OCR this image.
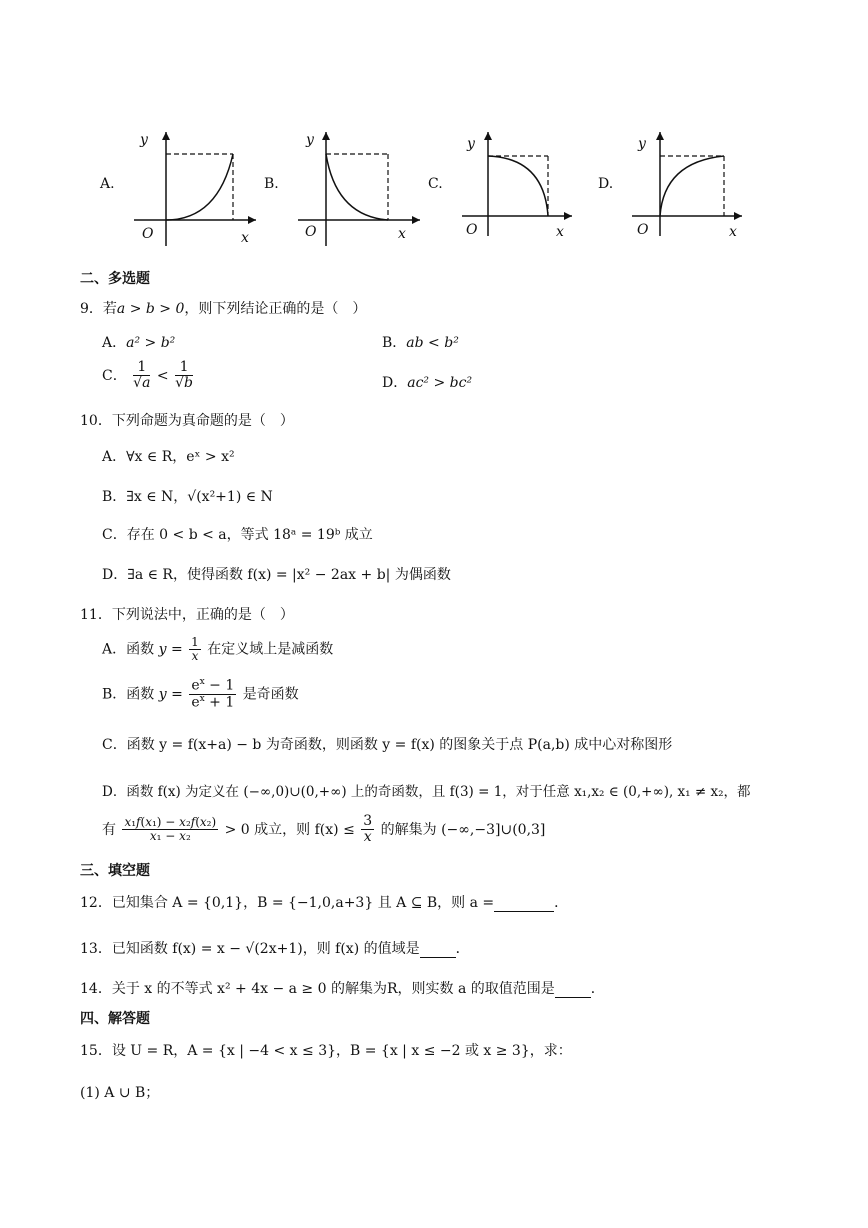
A.
y
O	x
B.
y
O	x
C.
y
O	x
D.
y
O	x
二、多选题
9．若a > b > 0，则下列结论正确的是（　）
A．a² > b²	B．ab < b²
C． $\frac{1}{√a} < \frac{1}{√b}$	D．ac² > bc²
10．下列命题为真命题的是（　）
A．∀x ∈ R，eˣ > x²
B．∃x ∈ N，√(x²+1) ∈ N
C．存在 0 < b < a，等式 18ᵃ = 19ᵇ 成立
D．∃a ∈ R，使得函数 f(x) = |x² − 2ax + b| 为偶函数
11．下列说法中，正确的是（　）
A．函数 $y = \frac{1}{x}$ 在定义域上是减函数
B．函数 $y = \frac{e^x - 1}{e^x + 1}$ 是奇函数
C．函数 y = f(x+a) − b 为奇函数，则函数 y = f(x) 的图象关于点 P(a,b) 成中心对称图形
D．函数 f(x) 为定义在 (−∞,0)∪(0,+∞) 上的奇函数，且 f(3) = 1，对于任意 x₁,x₂ ∈ (0,+∞), x₁ ≠ x₂，都
有 $\frac{\text{x₁f(x₁) − x₂f(x₂)}}{\text{x₁ − x₂}} > 0$ 成立，则 $f(x) \le \frac{3}{x}$ 的解集为 (−∞,−3]∪(0,3]
三、填空题
12．已知集合 A = {0,1}，B = {−1,0,a+3} 且 A ⊆ B，则 a =	．
13．已知函数 f(x) = x − √(2x+1)，则 f(x) 的值域是	．
14．关于 x 的不等式 x² + 4x − a ≥ 0 的解集为R，则实数 a 的取值范围是	．
四、解答题
15．设 U = R，A = {x | −4 < x ≤ 3}，B = {x | x ≤ −2 或 x ≥ 3}，求：
(1) A ∪ B；
